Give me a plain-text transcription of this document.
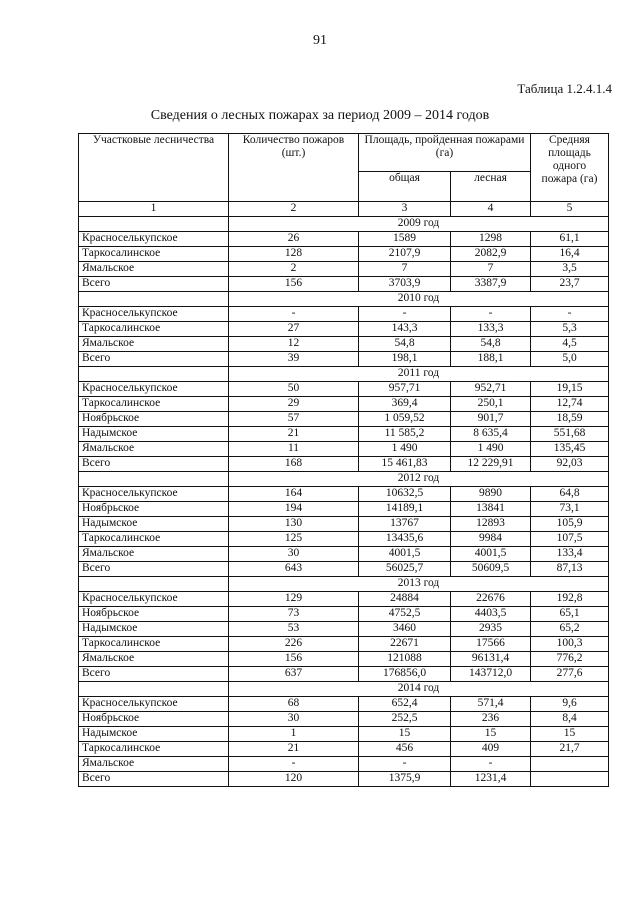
91
Таблица 1.2.4.1.4
Сведения о лесных пожарах за период 2009 – 2014 годов
Участковые лесничества	Количество пожаров (шт.)	Площадь, пройденная пожарами (га)		Средняя площадь одного пожара (га)
		общая	лесная	
1	2	3	4	5
	2009 год			
Красноселькупское	26	1589	1298	61,1
Таркосалинское	128	2107,9	2082,9	16,4
Ямальское	2	7	7	3,5
Всего	156	3703,9	3387,9	23,7
	2010 год			
Красноселькупское	-	-	-	-
Таркосалинское	27	143,3	133,3	5,3
Ямальское	12	54,8	54,8	4,5
Всего	39	198,1	188,1	5,0
	2011 год			
Красноселькупское	50	957,71	952,71	19,15
Таркосалинское	29	369,4	250,1	12,74
Ноябрьское	57	1 059,52	901,7	18,59
Надымское	21	11 585,2	8 635,4	551,68
Ямальское	11	1 490	1 490	135,45
Всего	168	15 461,83	12 229,91	92,03
	2012 год			
Красноселькупское	164	10632,5	9890	64,8
Ноябрьское	194	14189,1	13841	73,1
Надымское	130	13767	12893	105,9
Таркосалинское	125	13435,6	9984	107,5
Ямальское	30	4001,5	4001,5	133,4
Всего	643	56025,7	50609,5	87,13
	2013 год			
Красноселькупское	129	24884	22676	192,8
Ноябрьское	73	4752,5	4403,5	65,1
Надымское	53	3460	2935	65,2
Таркосалинское	226	22671	17566	100,3
Ямальское	156	121088	96131,4	776,2
Всего	637	176856,0	143712,0	277,6
	2014 год			
Красноселькупское	68	652,4	571,4	9,6
Ноябрьское	30	252,5	236	8,4
Надымское	1	15	15	15
Таркосалинское	21	456	409	21,7
Ямальское	-	-	-	
Всего	120	1375,9	1231,4	
